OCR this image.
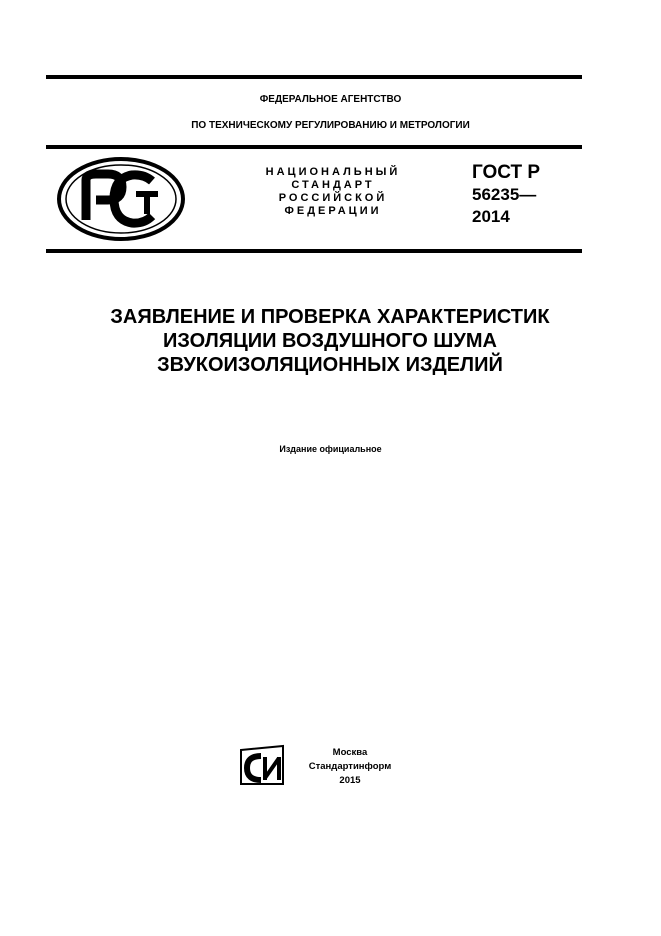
ФЕДЕРАЛЬНОЕ АГЕНТСТВО
ПО ТЕХНИЧЕСКОМУ РЕГУЛИРОВАНИЮ И МЕТРОЛОГИИ
НАЦИОНАЛЬНЫЙ
СТАНДАРТ
РОССИЙСКОЙ
ФЕДЕРАЦИИ
ГОСТ Р
56235—
2014
ЗАЯВЛЕНИЕ И ПРОВЕРКА ХАРАКТЕРИСТИК
ИЗОЛЯЦИИ ВОЗДУШНОГО ШУМА
ЗВУКОИЗОЛЯЦИОННЫХ ИЗДЕЛИЙ
Издание официальное
Москва
Стандартинформ
2015
